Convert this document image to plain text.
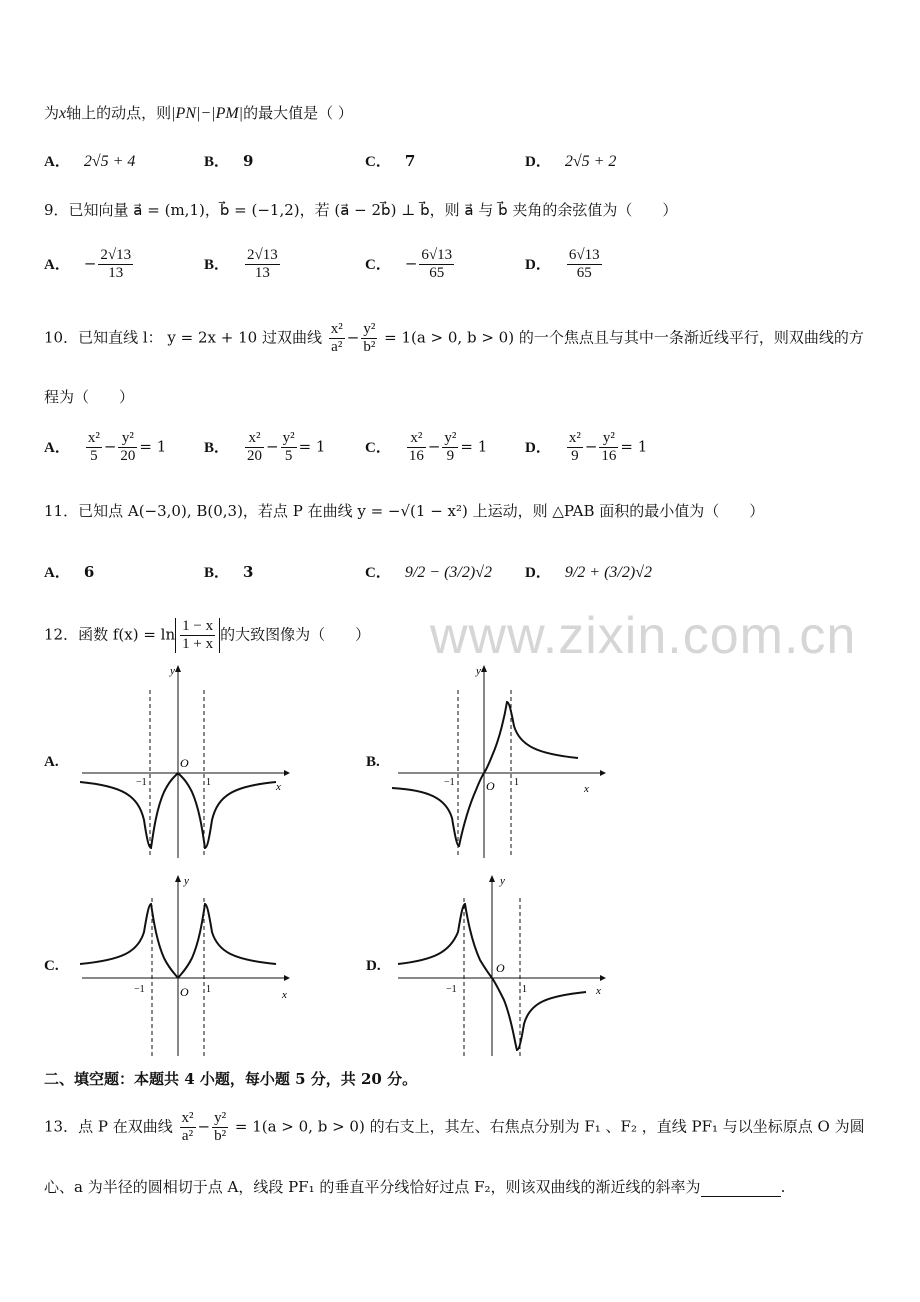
为x轴上的动点，则|PN|−|PM|的最大值是（ ）
A． 2√5 + 4	B． 9	C． 7	D． 2√5 + 2
9．已知向量 a⃗ = (m,1)，b⃗ = (−1,2)，若 (a⃗ − 2b⃗) ⊥ b⃗，则 a⃗ 与 b⃗ 夹角的余弦值为（　　）
A． − $\frac{2√13}{13}$	B． $\frac{2√13}{13}$	C． − $\frac{6√13}{65}$	D． $\frac{6√13}{65}$
10．已知直线 l： y = 2x + 10 过双曲线 $\frac{\text{x²}}{\text{a²}} - \frac{\text{y²}}{\text{b²}} = 1(a > 0$, b > 0) 的一个焦点且与其中一条渐近线平行，则双曲线的方
程为（　　）
A． $\frac{\text{x²}}{5} - \frac{\text{y²}}{20} = 1$	B． $\frac{\text{x²}}{20} - \frac{\text{y²}}{5} = 1$	C． $\frac{\text{x²}}{16} - \frac{\text{y²}}{9} = 1$	D． $\frac{\text{x²}}{9} - \frac{\text{y²}}{16} = 1$
11．已知点 A(−3,0), B(0,3)，若点 P 在曲线 y = −√(1 − x²) 上运动，则 △PAB 面积的最小值为（　　）
A． 6	B． 3	C． 9/2 − (3/2)√2 D． 9/2 + (3/2)√2
12．函数 $f(x) = \ln \frac{1 - x}{1 + x}$ 的大致图像为（　　） www.zixin.com.cn
A.	B.
C.	D.
y
x
O
−1	1
y
x
O
−1	1
y
x
O
−1	1
y
x
O
−1	1
二、填空题：本题共 4 小题，每小题 5 分，共 20 分。
13．点 P 在双曲线 $\frac{\text{x²}}{\text{a²}} - \frac{\text{y²}}{\text{b²}} = 1(a > 0$, b > 0) 的右支上，其左、右焦点分别为 F₁ 、F₂ ，直线 PF₁ 与以坐标原点 O 为圆
心、a 为半径的圆相切于点 A，线段 PF₁ 的垂直平分线恰好过点 F₂，则该双曲线的渐近线的斜率为	.
